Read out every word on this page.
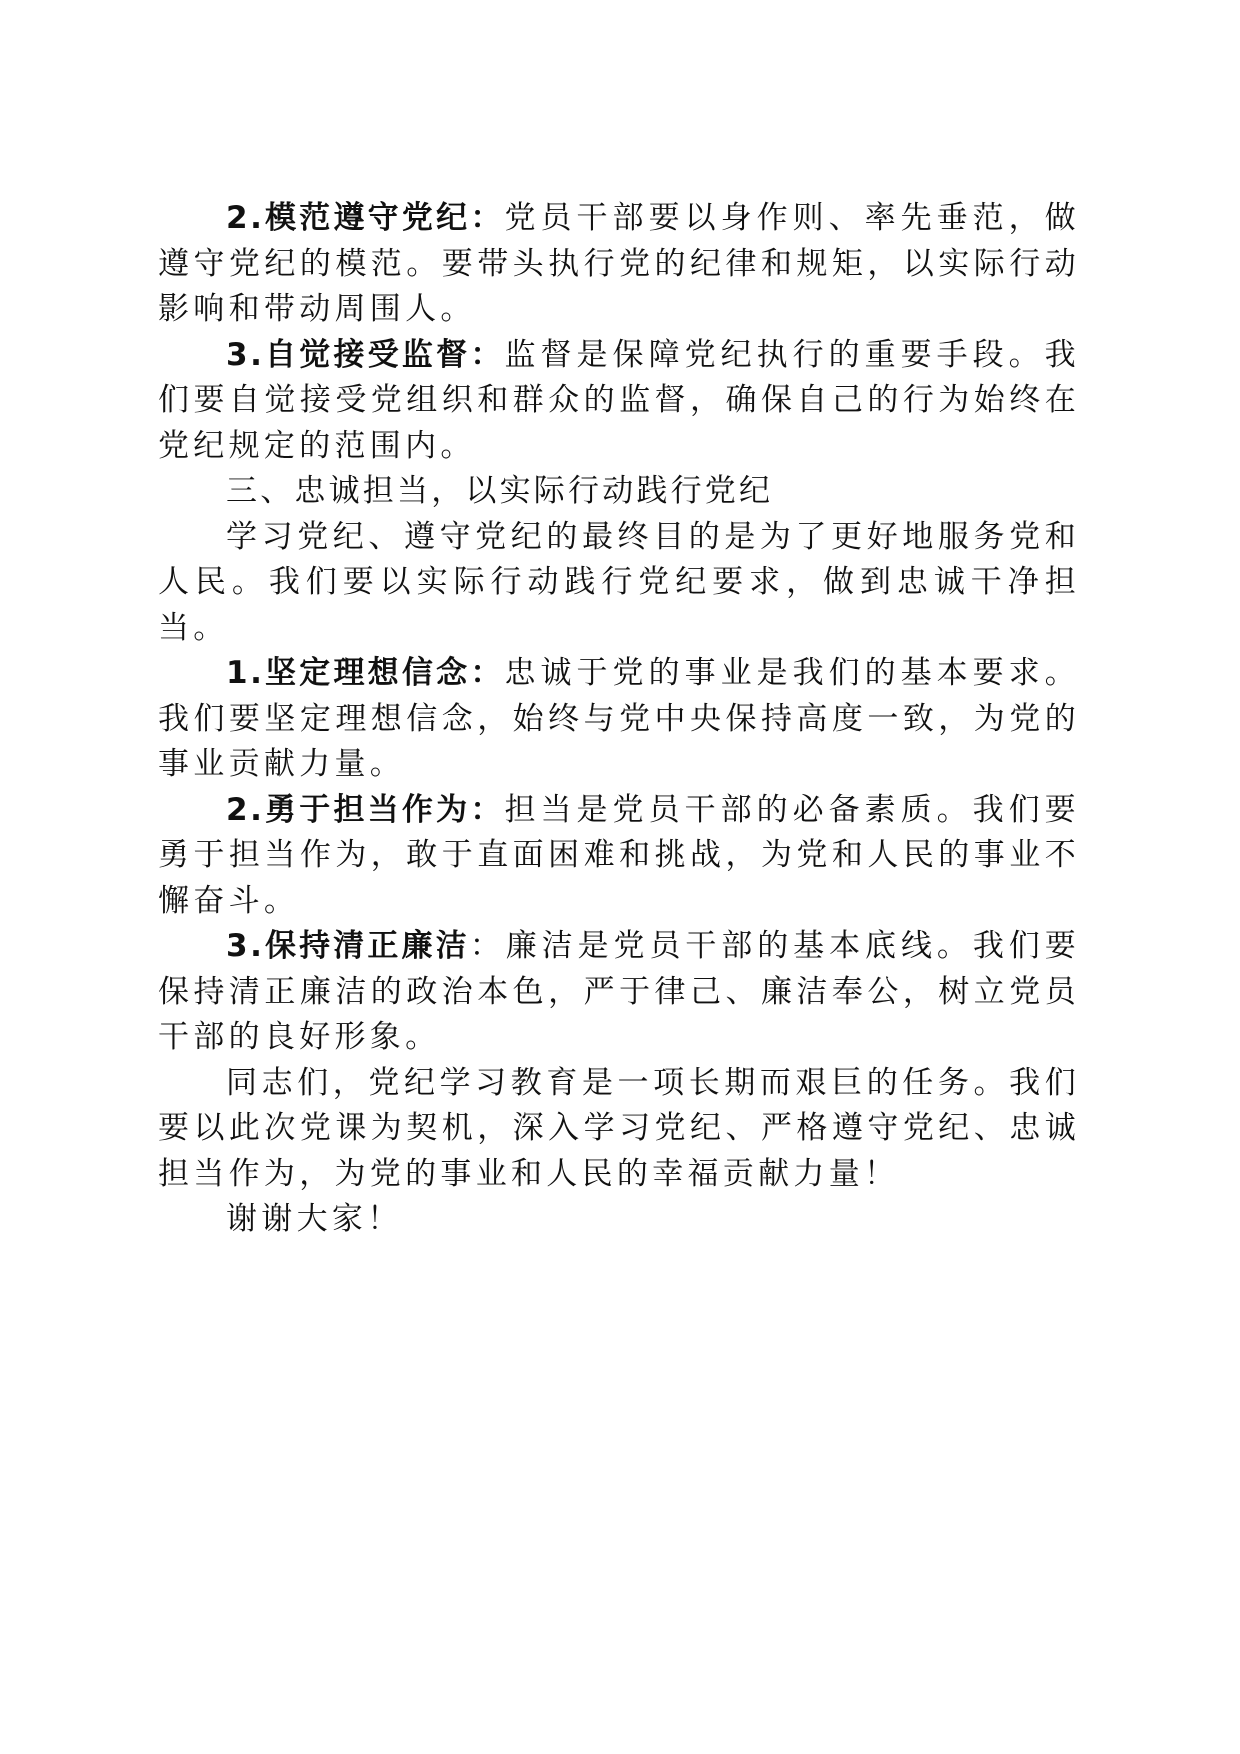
2.模范遵守党纪：党员干部要以身作则、率先垂范，做遵守党纪的模范。要带头执行党的纪律和规矩，以实际行动影响和带动周围人。

3.自觉接受监督：监督是保障党纪执行的重要手段。我们要自觉接受党组织和群众的监督，确保自己的行为始终在党纪规定的范围内。

三、忠诚担当，以实际行动践行党纪

学习党纪、遵守党纪的最终目的是为了更好地服务党和人民。我们要以实际行动践行党纪要求，做到忠诚干净担当。

1.坚定理想信念：忠诚于党的事业是我们的基本要求。我们要坚定理想信念，始终与党中央保持高度一致，为党的事业贡献力量。

2.勇于担当作为：担当是党员干部的必备素质。我们要勇于担当作为，敢于直面困难和挑战，为党和人民的事业不懈奋斗。

3.保持清正廉洁：廉洁是党员干部的基本底线。我们要保持清正廉洁的政治本色，严于律己、廉洁奉公，树立党员干部的良好形象。

同志们，党纪学习教育是一项长期而艰巨的任务。我们要以此次党课为契机，深入学习党纪、严格遵守党纪、忠诚担当作为，为党的事业和人民的幸福贡献力量！

谢谢大家！
